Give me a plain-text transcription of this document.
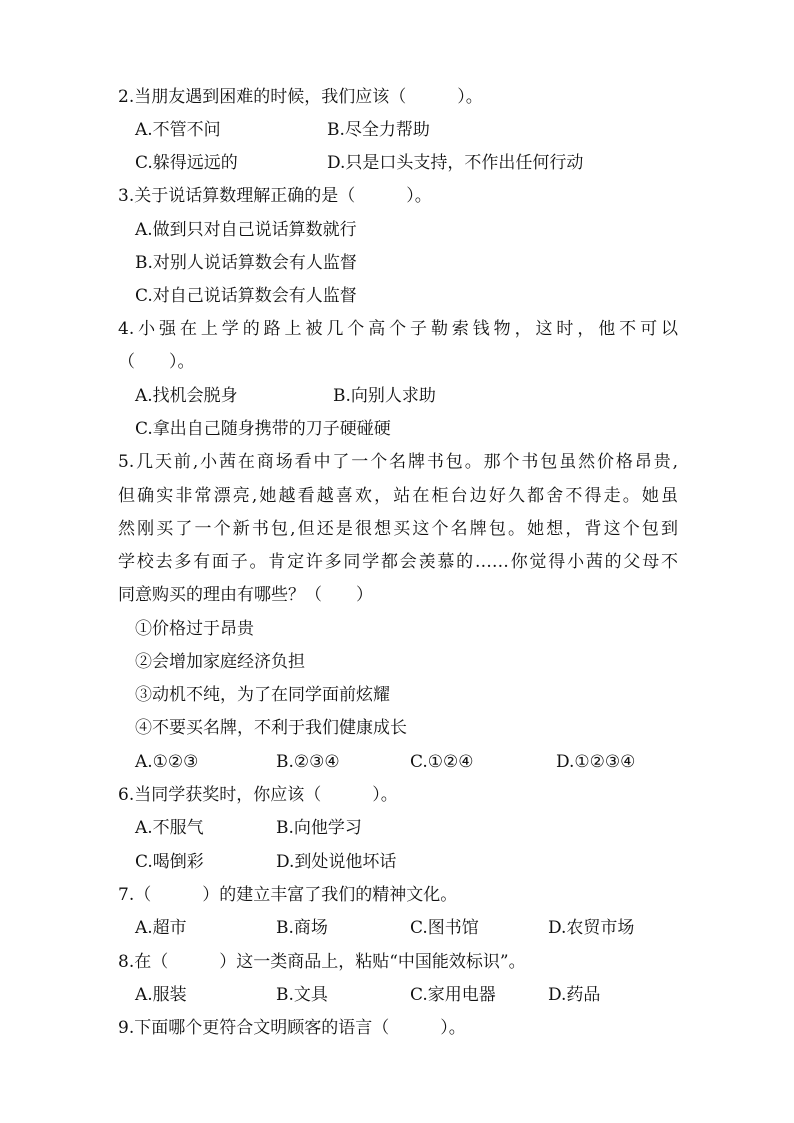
2.当朋友遇到困难的时候，我们应该（　　　）。
A.不管不问	B.尽全力帮助
C.躲得远远的	D.只是口头支持，不作出任何行动
3.关于说话算数理解正确的是（　　　）。
A.做到只对自己说话算数就行
B.对别人说话算数会有人监督
C.对自己说话算数会有人监督
4.小强在上学的路上被几个高个子勒索钱物，这时，他不可以
（　　）。
A.找机会脱身	B.向别人求助
C.拿出自己随身携带的刀子硬碰硬
5.几天前,小茜在商场看中了一个名牌书包。那个书包虽然价格昂贵,
但确实非常漂亮,她越看越喜欢，站在柜台边好久都舍不得走。她虽
然刚买了一个新书包,但还是很想买这个名牌包。她想，背这个包到
学校去多有面子。肯定许多同学都会羡慕的……你觉得小茜的父母不
同意购买的理由有哪些？（　　）
①价格过于昂贵
②会增加家庭经济负担
③动机不纯，为了在同学面前炫耀
④不要买名牌，不利于我们健康成长
A.①②③	B.②③④	C.①②④	D.①②③④
6.当同学获奖时，你应该（　　　）。
A.不服气	B.向他学习
C.喝倒彩	D.到处说他坏话
7.（　　　）的建立丰富了我们的精神文化。
A.超市	B.商场	C.图书馆	D.农贸市场
8.在（　　　）这一类商品上，粘贴“中国能效标识”。
A.服装	B.文具	C.家用电器	D.药品
9.下面哪个更符合文明顾客的语言（　　　）。
